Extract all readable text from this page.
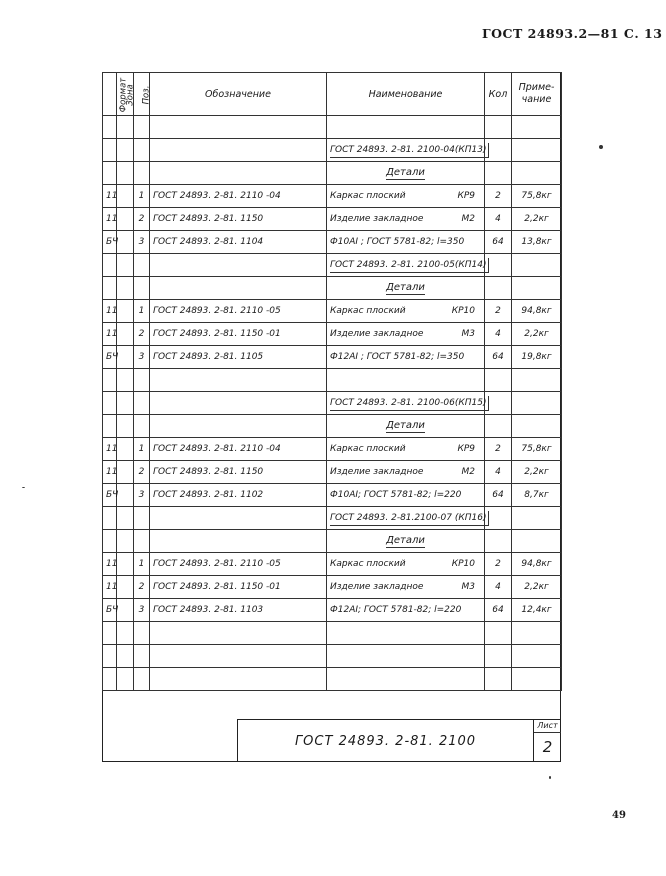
ГОСТ 24893.2—81 С. 13
Формат	Зона	Поз.	Обозначение	Наименование	Кол	Приме-
чание

				ГОСТ 24893. 2-81. 2100-04(КП13)		
				Детали		
11		1	ГОСТ 24893. 2-81. 2110 -04	Каркас плоский КР9	2	75,8кг
11		2	ГОСТ 24893. 2-81. 1150	Изделие закладное М2	4	2,2кг
БЧ		3	ГОСТ 24893. 2-81. 1104	Ф10АI ; ГОСТ 5781-82; l=350	64	13,8кг
				ГОСТ 24893. 2-81. 2100-05(КП14)		
				Детали		
11		1	ГОСТ 24893. 2-81. 2110 -05	Каркас плоский КР10	2	94,8кг
11		2	ГОСТ 24893. 2-81. 1150 -01	Изделие закладное М3	4	2,2кг
БЧ		3	ГОСТ 24893. 2-81. 1105	Ф12АI ; ГОСТ 5781-82; l=350	64	19,8кг

				ГОСТ 24893. 2-81. 2100-06(КП15)		
				Детали		
11		1	ГОСТ 24893. 2-81. 2110 -04	Каркас плоский КР9	2	75,8кг
11		2	ГОСТ 24893. 2-81. 1150	Изделие закладное М2	4	2,2кг
БЧ		3	ГОСТ 24893. 2-81. 1102	Ф10АI; ГОСТ 5781-82; l=220	64	8,7кг
				ГОСТ 24893. 2-81.2100-07 (КП16)		
				Детали		
11		1	ГОСТ 24893. 2-81. 2110 -05	Каркас плоский КР10	2	94,8кг
11		2	ГОСТ 24893. 2-81. 1150 -01	Изделие закладное М3	4	2,2кг
БЧ		3	ГОСТ 24893. 2-81. 1103	Ф12АI; ГОСТ 5781-82; l=220	64	12,4кг

ГОСТ 24893. 2-81. 2100
Лист
2
49
